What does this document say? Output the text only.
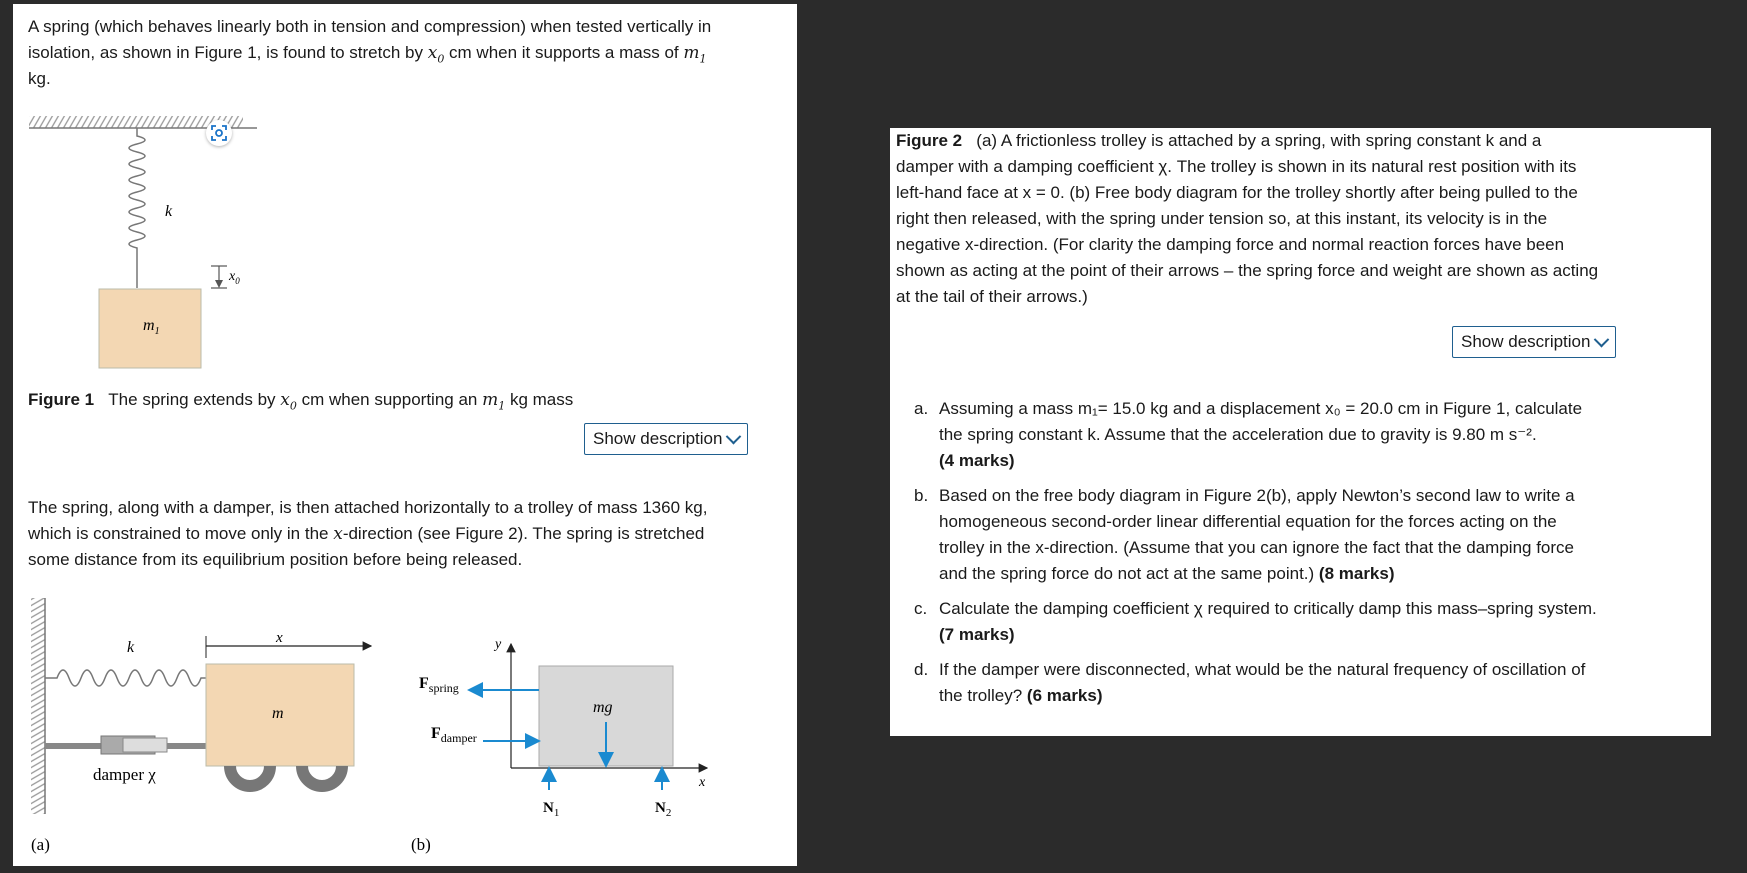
A spring (which behaves linearly both in tension and compression) when tested vertically in

isolation, as shown in Figure 1, is found to stretch by $x_0$ cm when it supports a mass of $m_1$

kg.

k
$m_1$
$x_0$

Figure 1 The spring extends by $x_0$ cm when supporting an $m_1$ kg mass

Show description

The spring, along with a damper, is then attached horizontally to a trolley of mass 1360 kg,

which is constrained to move only in the x-direction (see Figure 2). The spring is stretched

some distance from its equilibrium position before being released.

k
damper χ
m
x
(a)
y
x
mg
$F_{spring}$
$F_{damper}$
$N_1$	$N_2$
(b)
Figure 2 (a) A frictionless trolley is attached by a spring, with spring constant k and a
damper with a damping coefficient χ. The trolley is shown in its natural rest position with its
left-hand face at x = 0. (b) Free body diagram for the trolley shortly after being pulled to the
right then released, with the spring under tension so, at this instant, its velocity is in the
negative x-direction. (For clarity the damping force and normal reaction forces have been
shown as acting at the point of their arrows – the spring force and weight are shown as acting
at the tail of their arrows.)
Show description
a. Assuming a mass m₁= 15.0 kg and a displacement x₀ = 20.0 cm in Figure 1, calculate
the spring constant k. Assume that the acceleration due to gravity is 9.80 m s⁻².
(4 marks)
b. Based on the free body diagram in Figure 2(b), apply Newton’s second law to write a
homogeneous second-order linear differential equation for the forces acting on the
trolley in the x-direction. (Assume that you can ignore the fact that the damping force
and the spring force do not act at the same point.) (8 marks)
c. Calculate the damping coefficient χ required to critically damp this mass–spring system.
(7 marks)
d. If the damper were disconnected, what would be the natural frequency of oscillation of
the trolley? (6 marks)
